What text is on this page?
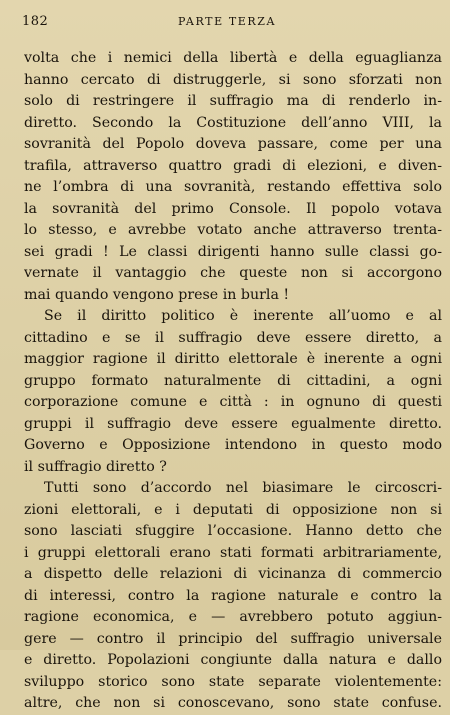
182	PARTE TERZA
volta che i nemici della libertà e della eguaglianza
hanno cercato di distruggerle, si sono sforzati non
solo di restringere il suffragio ma di renderlo in-
diretto. Secondo la Costituzione dell’anno VIII, la
sovranità del Popolo doveva passare, come per una
trafila, attraverso quattro gradi di elezioni, e diven-
ne l’ombra di una sovranità, restando effettiva solo
la sovranità del primo Console. Il popolo votava
lo stesso, e avrebbe votato anche attraverso trenta-
sei gradi ! Le classi dirigenti hanno sulle classi go-
vernate il vantaggio che queste non si accorgono
mai quando vengono prese in burla !
Se il diritto politico è inerente all’uomo e al
cittadino e se il suffragio deve essere diretto, a
maggior ragione il diritto elettorale è inerente a ogni
gruppo formato naturalmente di cittadini, a ogni
corporazione comune e città : in ognuno di questi
gruppi il suffragio deve essere egualmente diretto.
Governo e Opposizione intendono in questo modo
il suffragio diretto ?
Tutti sono d’accordo nel biasimare le circoscri-
zioni elettorali, e i deputati di opposizione non si
sono lasciati sfuggire l’occasione. Hanno detto che
i gruppi elettorali erano stati formati arbitrariamente,
a dispetto delle relazioni di vicinanza di commercio
di interessi, contro la ragione naturale e contro la
ragione economica, e — avrebbero potuto aggiun-
gere — contro il principio del suffragio universale
e diretto. Popolazioni congiunte dalla natura e dallo
sviluppo storico sono state separate violentemente:
altre, che non si conoscevano, sono state confuse.
